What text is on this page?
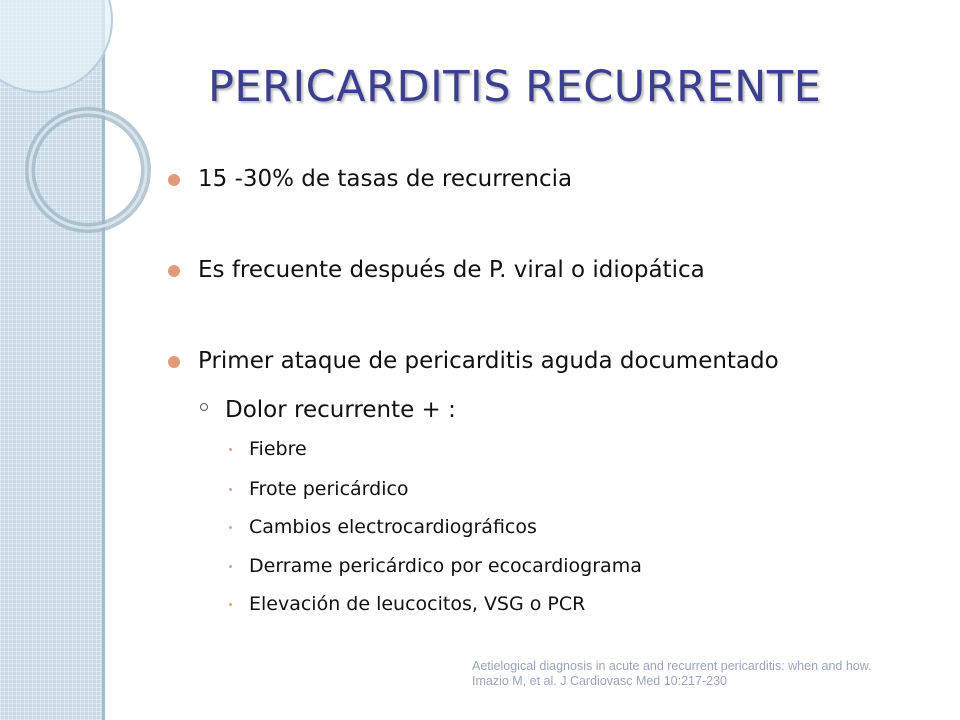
PERICARDITIS RECURRENTE
15 -30% de tasas de recurrencia
Es frecuente después de P. viral o idiopática
Primer ataque de pericarditis aguda documentado
Dolor recurrente + :
Fiebre
Frote pericárdico
Cambios electrocardiográficos
Derrame pericárdico por ecocardiograma
Elevación de leucocitos, VSG o PCR
Aetielogical diagnosis in acute and recurrent pericarditis: when and how.
Imazio M, et al. J Cardiovasc Med 10:217-230
